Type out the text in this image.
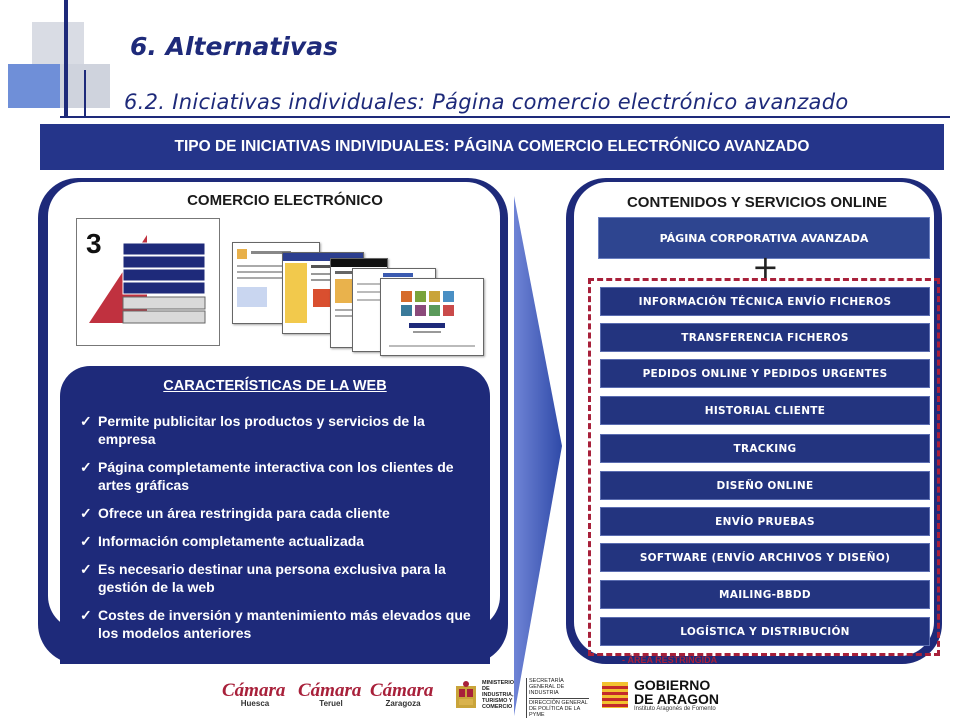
6. Alternativas
6.2. Iniciativas individuales: Página comercio electrónico avanzado
TIPO DE INICIATIVAS INDIVIDUALES: PÁGINA COMERCIO ELECTRÓNICO AVANZADO
COMERCIO ELECTRÓNICO
3
CARACTERÍSTICAS DE LA WEB
✓ Permite publicitar los productos y servicios de la empresa
✓ Página completamente interactiva con los clientes de artes gráficas
✓ Ofrece un área restringida para cada cliente
✓ Información completamente actualizada
✓ Es necesario destinar una persona exclusiva para la gestión de la web
✓ Costes de inversión y mantenimiento más elevados que los modelos anteriores
CONTENIDOS Y SERVICIOS ONLINE
PÁGINA CORPORATIVA AVANZADA
+
INFORMACIÓN TÉCNICA ENVÍO FICHEROS
TRANSFERENCIA FICHEROS
PEDIDOS ONLINE Y PEDIDOS URGENTES
HISTORIAL CLIENTE
TRACKING
DISEÑO ONLINE
ENVÍO PRUEBAS
SOFTWARE (ENVÍO ARCHIVOS Y DISEÑO)
MAILING-BBDD
LOGÍSTICA Y DISTRIBUCIÓN
- ÁREA RESTRINGIDA
Cámara
Huesca
Cámara
Teruel
Cámara
Zaragoza
MINISTERIO DE INDUSTRIA, TURISMO Y COMERCIO
SECRETARÍA GENERAL DE INDUSTRIA
DIRECCIÓN GENERAL DE POLÍTICA DE LA PYME
GOBIERNO
DE ARAGON
Instituto Aragonés de Fomento
